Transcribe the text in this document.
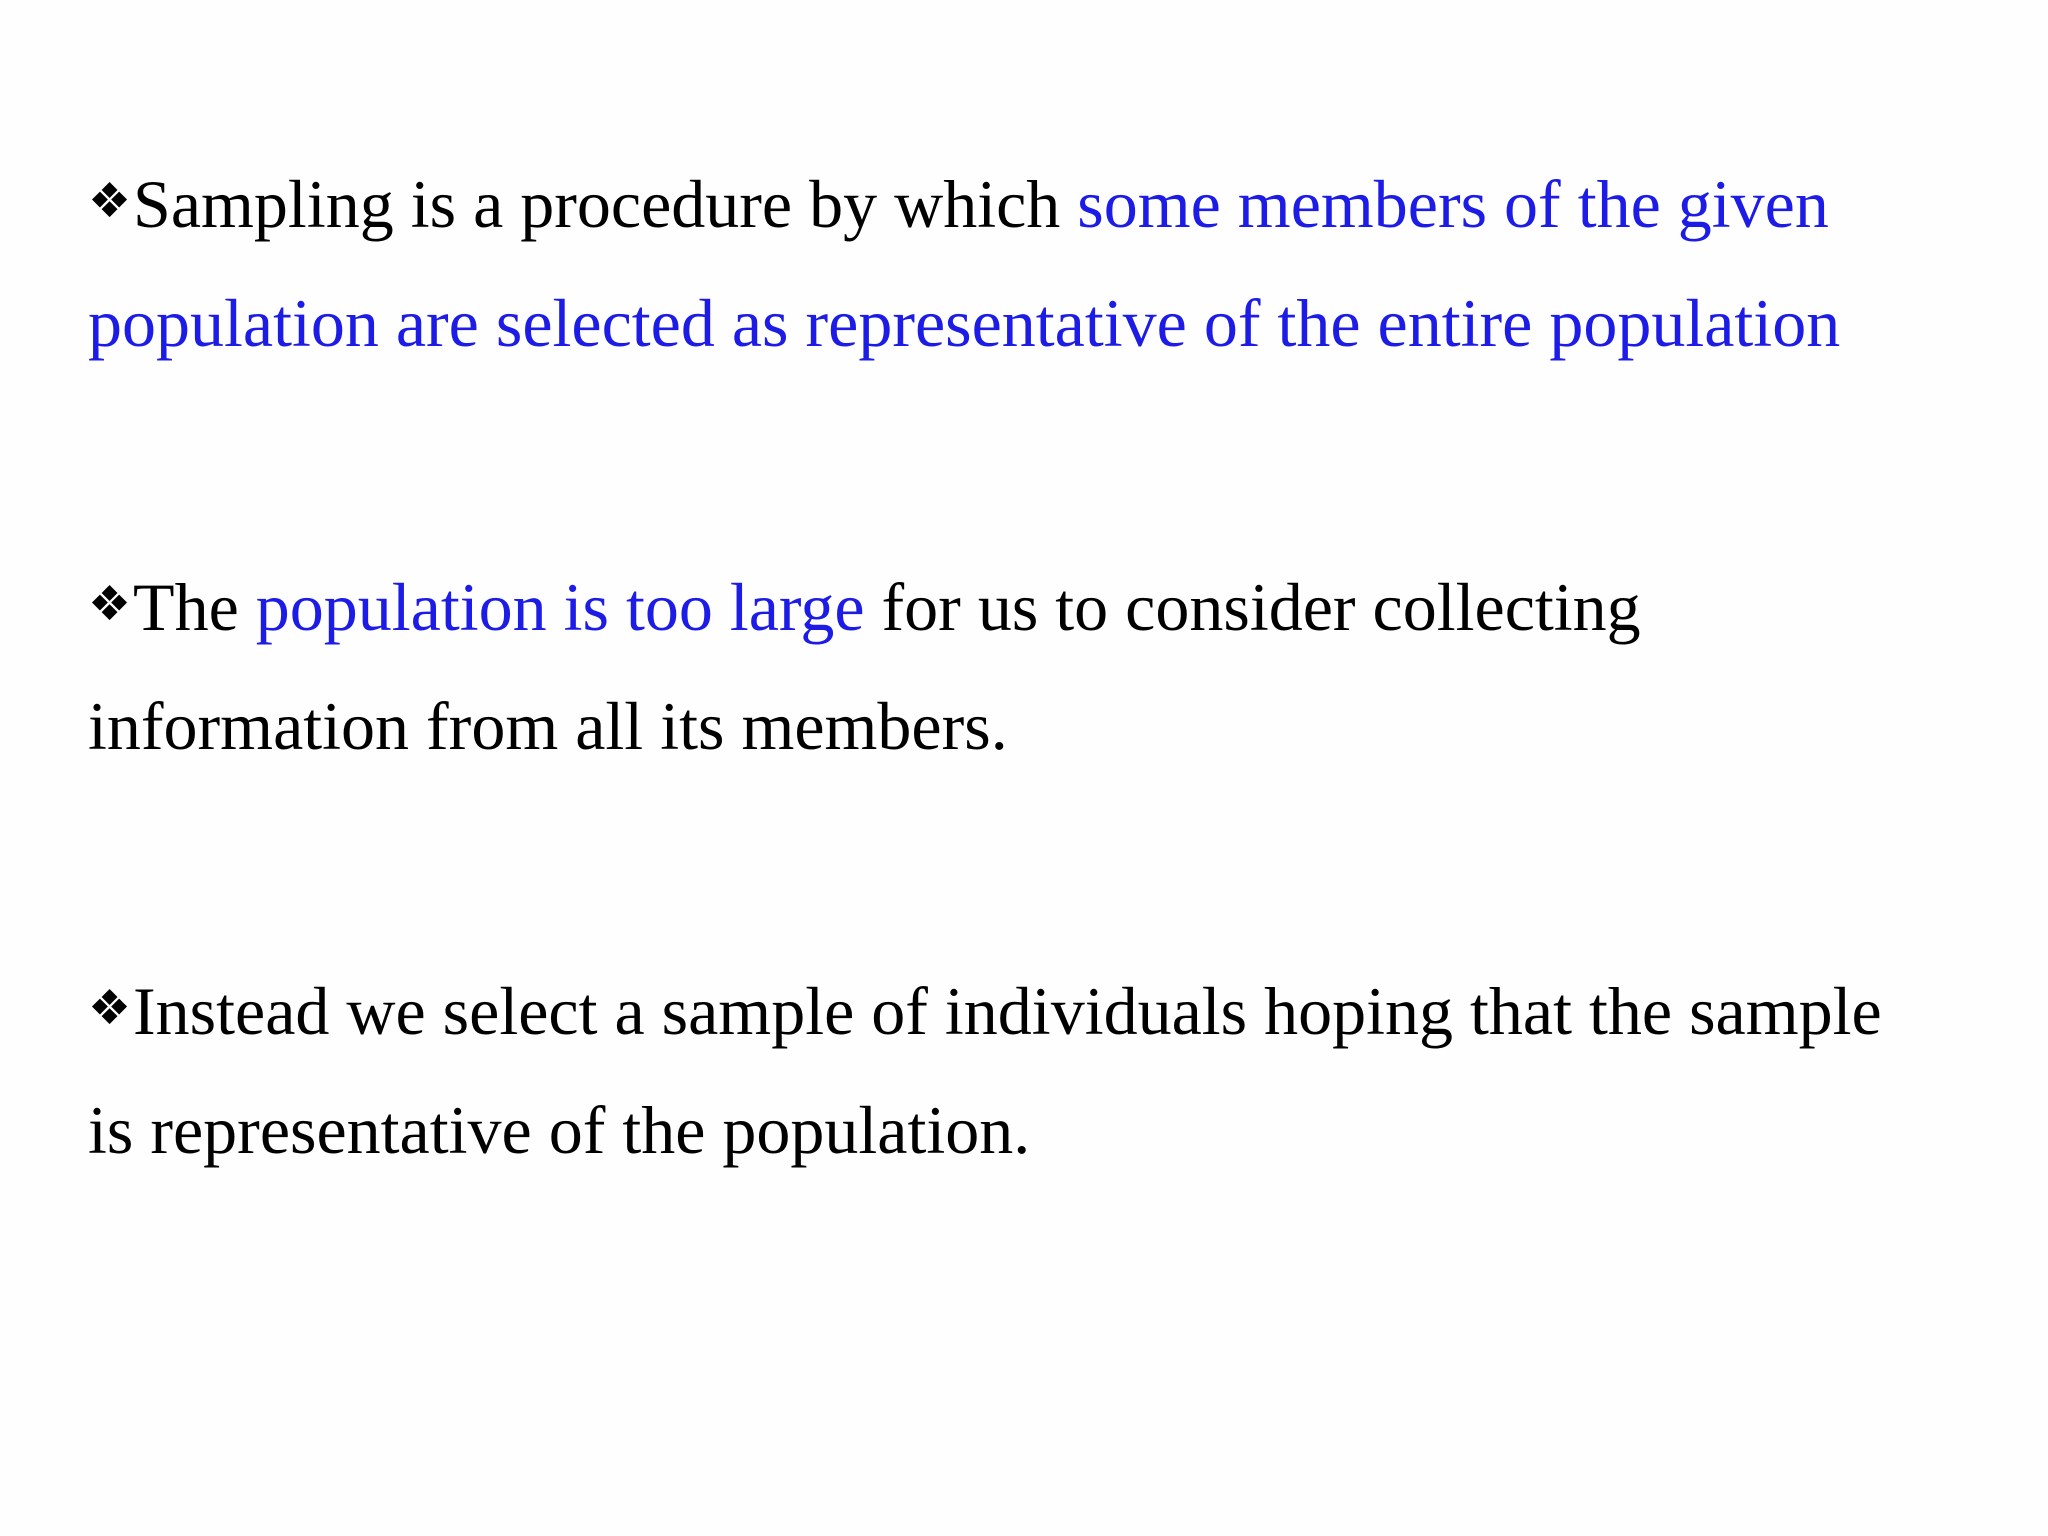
❖Sampling is a procedure by which some members of the given
population are selected as representative of the entire population
❖The population is too large for us to consider collecting
information from all its members.
❖Instead we select a sample of individuals hoping that the sample
is representative of the population.
